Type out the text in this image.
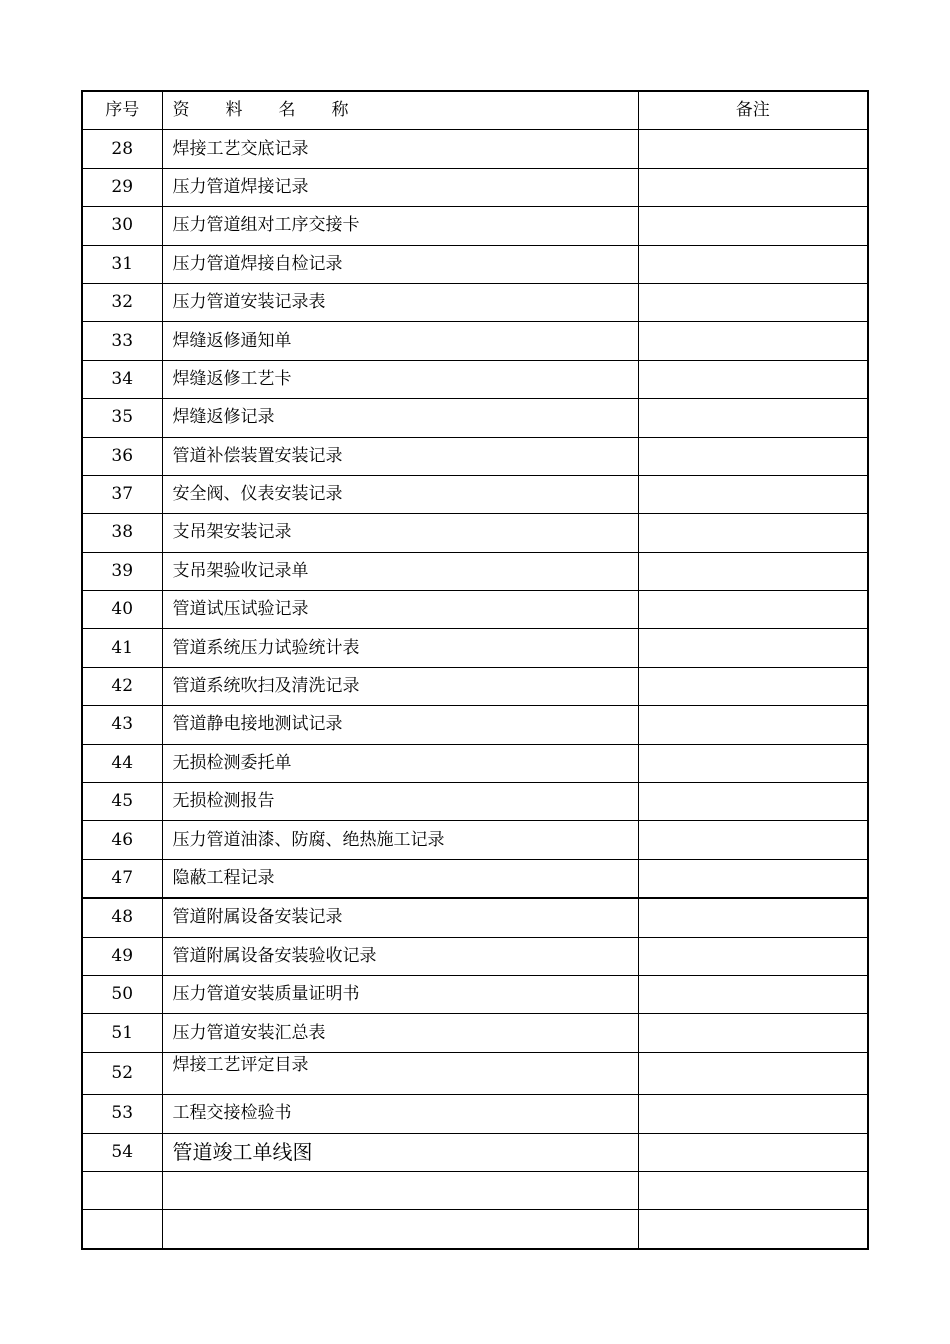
序号	资 料 名 称	备注
28	焊接工艺交底记录	
29	压力管道焊接记录	
30	压力管道组对工序交接卡	
31	压力管道焊接自检记录	
32	压力管道安装记录表	
33	焊缝返修通知单	
34	焊缝返修工艺卡	
35	焊缝返修记录	
36	管道补偿装置安装记录	
37	安全阀、仪表安装记录	
38	支吊架安装记录	
39	支吊架验收记录单	
40	管道试压试验记录	
41	管道系统压力试验统计表	
42	管道系统吹扫及清洗记录	
43	管道静电接地测试记录	
44	无损检测委托单	
45	无损检测报告	
46	压力管道油漆、防腐、绝热施工记录	
47	隐蔽工程记录	
48	管道附属设备安装记录	
49	管道附属设备安装验收记录	
50	压力管道安装质量证明书	
51	压力管道安装汇总表	
52	焊接工艺评定目录	
53	工程交接检验书	
54	管道竣工单线图	
